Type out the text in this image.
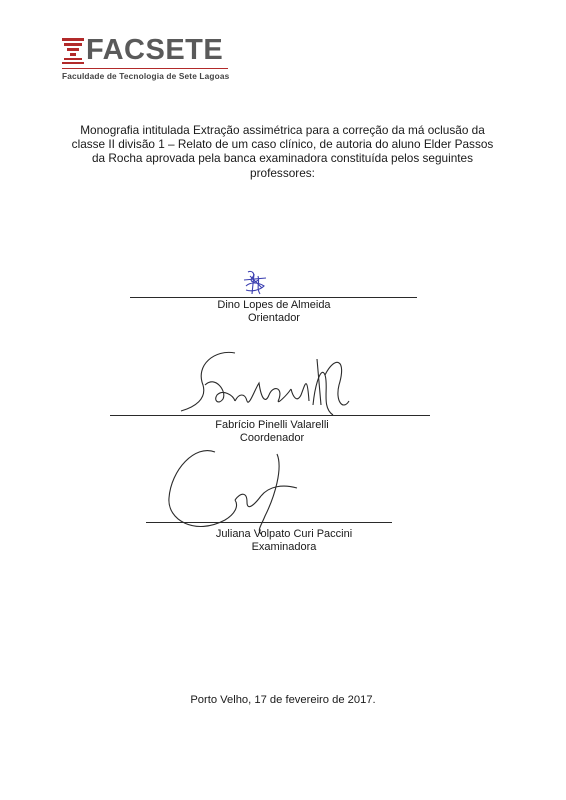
FACSETE
Faculdade de Tecnologia de Sete Lagoas
Monografia intitulada Extração assimétrica para a correção da má oclusão da classe II divisão 1 – Relato de um caso clínico, de autoria do aluno Elder Passos da Rocha aprovada pela banca examinadora constituída pelos seguintes professores:
Dino Lopes de Almeida
Orientador
Fabrício Pinelli Valarelli
Coordenador
Juliana Volpato Curi Paccini
Examinadora
Porto Velho, 17 de fevereiro de 2017.
